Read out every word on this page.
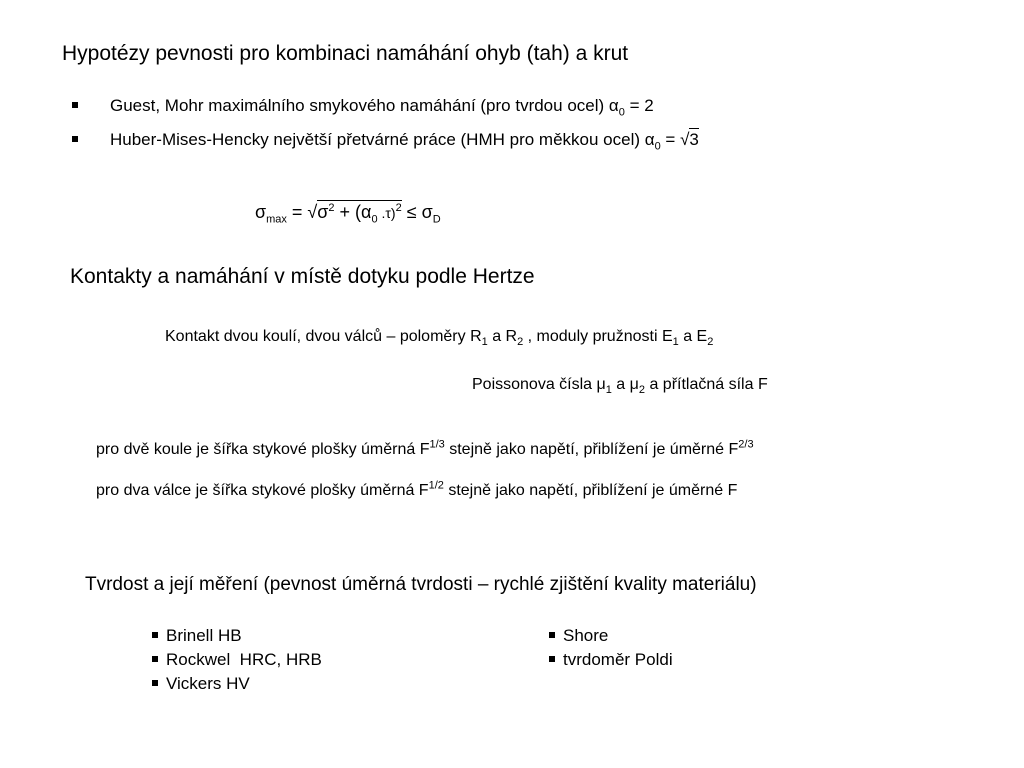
Hypotézy pevnosti pro kombinaci namáhání ohyb (tah) a krut
Guest, Mohr maximálního smykového namáhání (pro tvrdou ocel) $\alpha_0 = 2$
Huber-Mises-Hencky největší přetvárné práce (HMH pro měkkou ocel) $\alpha_0 = √3$
$\sigma_{max} = √\sigma^2 + (\alpha_0$ $.\tau)^2 \le \sigma_D$
Kontakty a namáhání v místě dotyku podle Hertze
Kontakt dvou koulí, dvou válců – poloměry $R_1$ a $R_2$ , moduly pružnosti $E_1$ a $E_2$
Poissonova čísla $\mu_1$ a $\mu_2$ a přítlačná síla F
pro dvě koule je šířka stykové plošky úměrná $F^{1/3}$ stejně jako napětí, přiblížení je úměrné $F^{2/3}$
pro dva válce je šířka stykové plošky úměrná $F^{1/2}$ stejně jako napětí, přiblížení je úměrné F
Tvrdost a její měření (pevnost úměrná tvrdosti – rychlé zjištění kvality materiálu)
Brinell HB
Rockwel  HRC, HRB
Vickers HV
Shore
tvrdoměr Poldi
